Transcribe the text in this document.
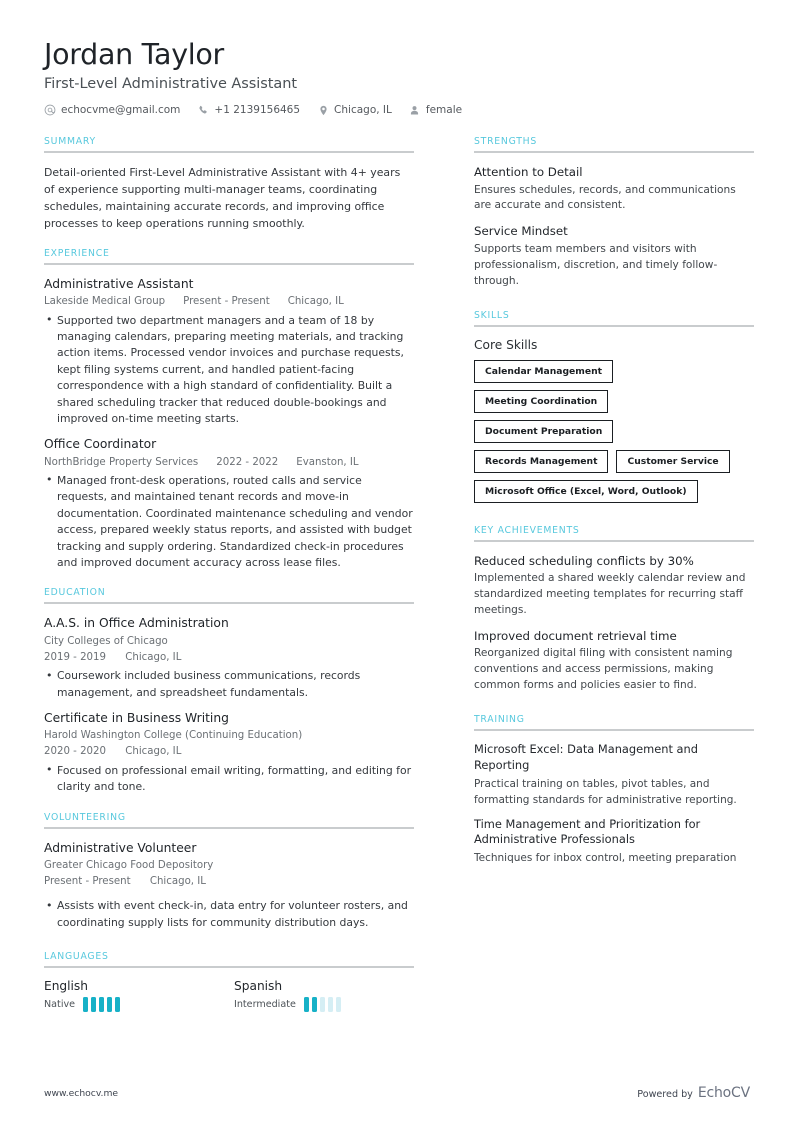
Jordan Taylor
First-Level Administrative Assistant
echocvme@gmail.com	+1 2139156465	Chicago, IL	female
SUMMARY
Detail-oriented First-Level Administrative Assistant with 4+ years of experience supporting multi-manager teams, coordinating schedules, maintaining accurate records, and improving office processes to keep operations running smoothly.
EXPERIENCE
Administrative Assistant
Lakeside Medical Group Present - Present Chicago, IL
• Supported two department managers and a team of 18 by managing calendars, preparing meeting materials, and tracking action items. Processed vendor invoices and purchase requests, kept filing systems current, and handled patient-facing correspondence with a high standard of confidentiality. Built a shared scheduling tracker that reduced double-bookings and improved on-time meeting starts.
Office Coordinator
NorthBridge Property Services 2022 - 2022 Evanston, IL
• Managed front-desk operations, routed calls and service requests, and maintained tenant records and move-in documentation. Coordinated maintenance scheduling and vendor access, prepared weekly status reports, and assisted with budget tracking and supply ordering. Standardized check-in procedures and improved document accuracy across lease files.
EDUCATION
A.A.S. in Office Administration
City Colleges of Chicago
2019 - 2019 Chicago, IL
• Coursework included business communications, records management, and spreadsheet fundamentals.
Certificate in Business Writing
Harold Washington College (Continuing Education)
2020 - 2020 Chicago, IL
• Focused on professional email writing, formatting, and editing for clarity and tone.
VOLUNTEERING
Administrative Volunteer
Greater Chicago Food Depository
Present - Present Chicago, IL
• Assists with event check-in, data entry for volunteer rosters, and coordinating supply lists for community distribution days.
LANGUAGES
English
Native
Spanish
Intermediate
STRENGTHS
Attention to Detail
Ensures schedules, records, and communications are accurate and consistent.
Service Mindset
Supports team members and visitors with professionalism, discretion, and timely follow-through.
SKILLS
Core Skills
Calendar Management
Meeting Coordination
Document Preparation
Records Management	Customer Service
Microsoft Office (Excel, Word, Outlook)
KEY ACHIEVEMENTS
Reduced scheduling conflicts by 30%
Implemented a shared weekly calendar review and standardized meeting templates for recurring staff meetings.
Improved document retrieval time
Reorganized digital filing with consistent naming conventions and access permissions, making common forms and policies easier to find.
TRAINING
Microsoft Excel: Data Management and Reporting
Practical training on tables, pivot tables, and formatting standards for administrative reporting.
Time Management and Prioritization for Administrative Professionals
Techniques for inbox control, meeting preparation
www.echocv.me	Powered by EchoCV
